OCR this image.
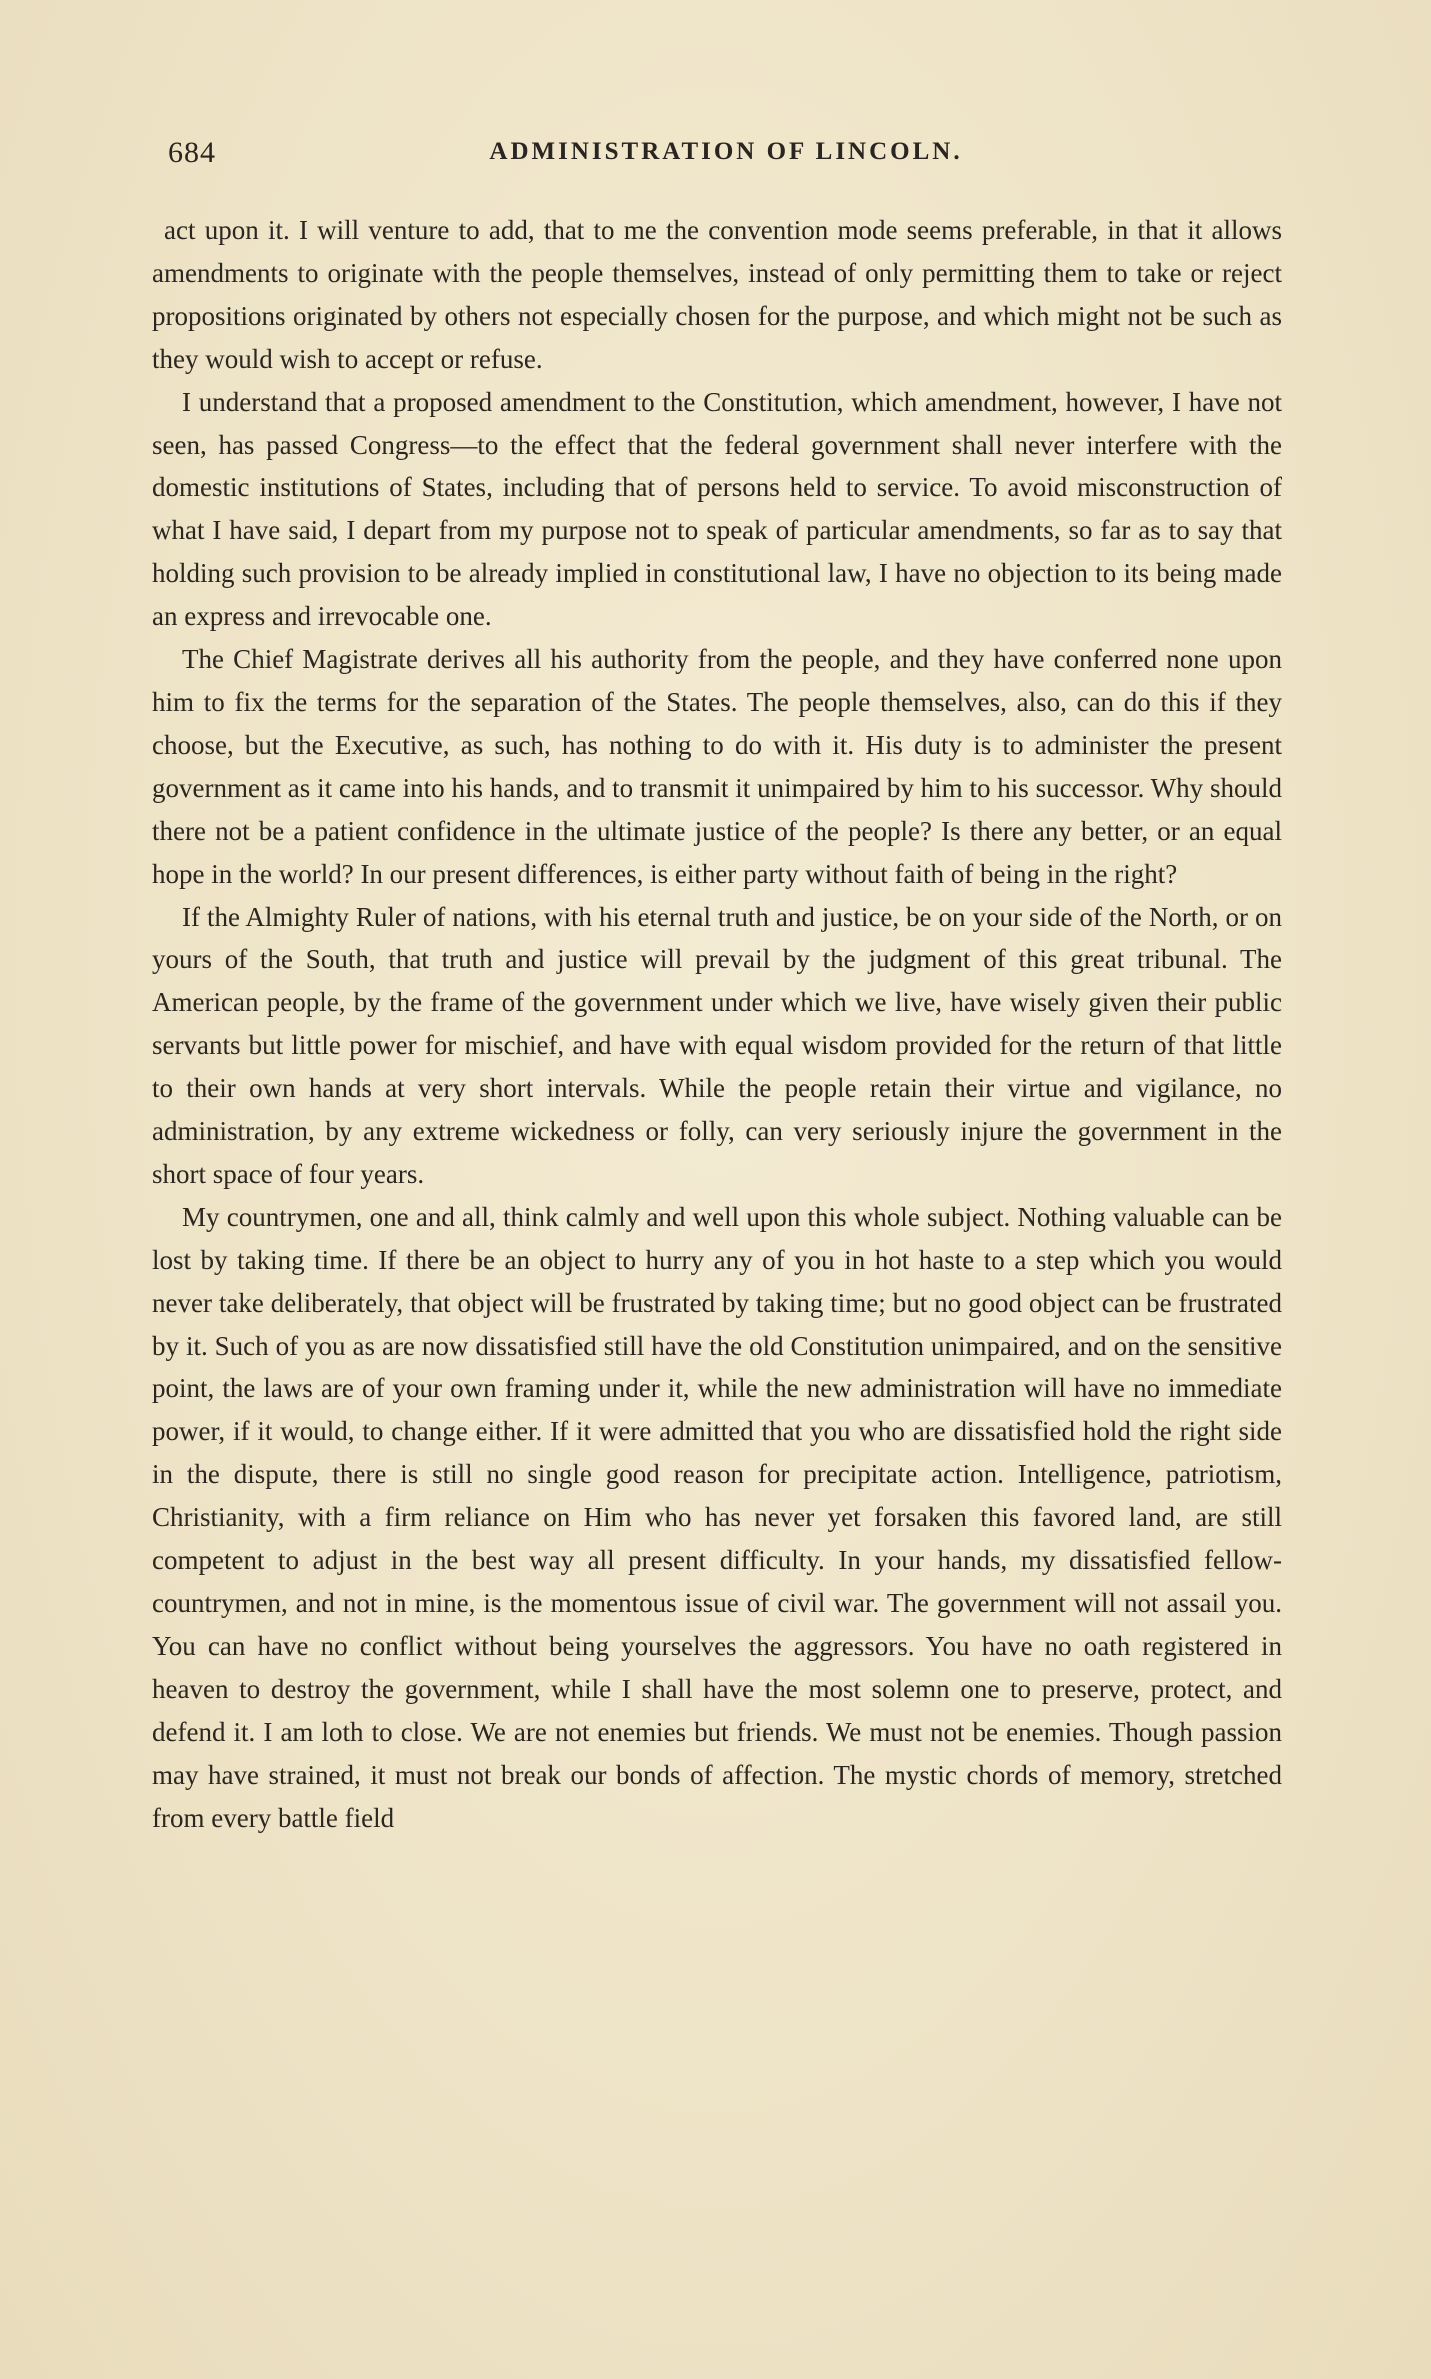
684	ADMINISTRATION OF LINCOLN.

act upon it. I will venture to add, that to me the convention mode seems preferable, in that it allows amendments to originate with the people themselves, instead of only permitting them to take or reject propositions originated by others not especially chosen for the purpose, and which might not be such as they would wish to accept or refuse.

I understand that a proposed amendment to the Constitution, which amendment, however, I have not seen, has passed Congress—to the effect that the federal government shall never interfere with the domestic institutions of States, including that of persons held to service. To avoid misconstruction of what I have said, I depart from my purpose not to speak of particular amendments, so far as to say that holding such provision to be already implied in constitutional law, I have no objection to its being made an express and irrevocable one.

The Chief Magistrate derives all his authority from the people, and they have conferred none upon him to fix the terms for the separation of the States. The people themselves, also, can do this if they choose, but the Executive, as such, has nothing to do with it. His duty is to administer the present government as it came into his hands, and to transmit it unimpaired by him to his successor. Why should there not be a patient confidence in the ultimate justice of the people? Is there any better, or an equal hope in the world? In our present differences, is either party without faith of being in the right?

If the Almighty Ruler of nations, with his eternal truth and justice, be on your side of the North, or on yours of the South, that truth and justice will prevail by the judgment of this great tribunal. The American people, by the frame of the government under which we live, have wisely given their public servants but little power for mischief, and have with equal wisdom provided for the return of that little to their own hands at very short intervals. While the people retain their virtue and vigilance, no administration, by any extreme wickedness or folly, can very seriously injure the government in the short space of four years.

My countrymen, one and all, think calmly and well upon this whole subject. Nothing valuable can be lost by taking time. If there be an object to hurry any of you in hot haste to a step which you would never take deliberately, that object will be frustrated by taking time; but no good object can be frustrated by it. Such of you as are now dissatisfied still have the old Constitution unimpaired, and on the sensitive point, the laws are of your own framing under it, while the new administration will have no immediate power, if it would, to change either. If it were admitted that you who are dissatisfied hold the right side in the dispute, there is still no single good reason for precipitate action. Intelligence, patriotism, Christianity, with a firm reliance on Him who has never yet forsaken this favored land, are still competent to adjust in the best way all present difficulty. In your hands, my dissatisfied fellow-countrymen, and not in mine, is the momentous issue of civil war. The government will not assail you. You can have no conflict without being yourselves the aggressors. You have no oath registered in heaven to destroy the government, while I shall have the most solemn one to preserve, protect, and defend it. I am loth to close. We are not enemies but friends. We must not be enemies. Though passion may have strained, it must not break our bonds of affection. The mystic chords of memory, stretched from every battle field
